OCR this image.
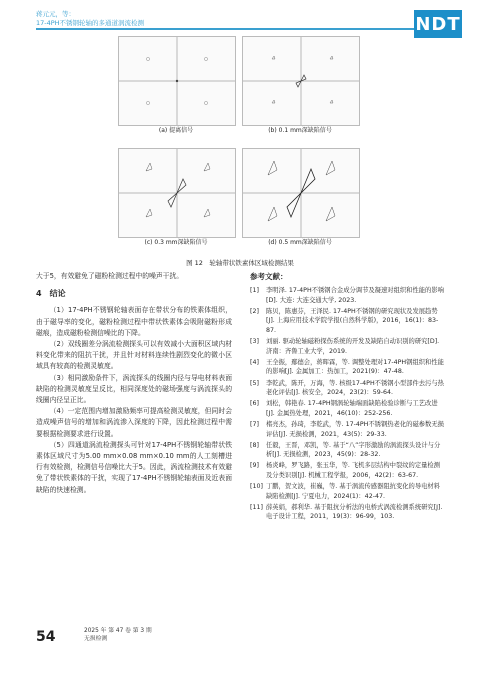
蒋元元，等：
17-4PH不锈钢轮轴的多通道涡流检测	NDT
(a) 提离信号	(b) 0.1 mm深缺陷信号
(c) 0.3 mm深缺陷信号	(d) 0.5 mm深缺陷信号
图 12　轮轴带状铁素体区域检测结果

大于5，有效避免了磁粉检测过程中的噪声干扰。

4　结论

（1）17-4PH不锈钢轮轴表面存在带状分布的铁素体组织，由于磁导率的变化，磁粉检测过程中带状铁素体会吸附磁粉形成磁痕，造成磁粉检测信噪比的下降。

（2）双线圈差分涡流检测探头可以有效减小大面积区域内材料变化带来的阻抗干扰，并且针对材料连续性剧烈变化的微小区域具有较高的检测灵敏度。

（3）相同激励条件下，涡流探头的线圈内径与导电材料表面缺陷的检测灵敏度呈反比，相同深度处的磁场强度与涡流探头的线圈内径呈正比。

（4）一定范围内增加激励频率可提高检测灵敏度，但同时会造成噪声信号的增加和涡流渗入深度的下降，因此检测过程中需要根据检测要求进行设置。

（5）四通道涡流检测探头可针对17-4PH不锈钢轮轴带状铁素体区域尺寸为5.00 mm×0.08 mm×0.10 mm的人工刻槽进行有效检测，检测信号信噪比大于5。因此，涡流检测技术有效避免了带状铁素体的干扰，实现了17-4PH不锈钢轮轴表面及近表面缺陷的快速检测。

参考文献：
[1]	李明泽. 17-4PH不锈钢合金成分调节及凝速对组织和性能的影响[D]. 大连: 大连交通大学, 2023.
[2]	陈贝，陈惠芬，王泽民. 17-4PH不锈钢的研究现状及发展趋势[J]. 上海应用技术学院学报(自然科学版)，2016，16(1)：83-87.
[3]	刘丽. 驱动轮轴磁粉探伤系统的开发及缺陷自动识别的研究[D]. 济南：齐鲁工业大学，2019.
[4]	王全振，鄢德会，蒋晖霖，等. 调整处理对17-4PH钢组织和性能的影响[J]. 金属加工：热加工，2021(9)：47-48.
[5]	李乾武，陈开，万海，等. 核级17-4PH不锈钢小型部件去污与热老化评估[J]. 核安全，2024，23(2)：59-64.
[6]	刘松，韩艳春. 17-4PH钢涡轮轴端面缺陷检验诊断与工艺改进[J]. 金属热处理，2021，46(10)：252-256.
[7]	楮亮杰，孙琦，李乾武，等. 17-4PH不锈钢热老化的磁参数无损评估[J]. 无损检测，2021，43(5)：29-33.
[8]	任毅，王晋，邓凯，等. 基于“八”字形激励的涡流探头设计与分析[J]. 无损检测，2023，45(9)：28-32.
[9]	杨炎峰，罗飞路，张玉华，等. 飞机多层结构中裂纹的定量检测及分类识别[J]. 机械工程学报，2006，42(2)：63-67.
[10] 丁鹏，贺文波，崔巍，等. 基于涡流传感器阻抗变化的导电材料缺陷检测[J]. 宁夏电力，2024(1)：42-47.
[11] 薛英娟，郝利华. 基于阻抗分析法的电桥式涡流检测系统研究[J]. 电子设计工程，2011，19(3)：96-99，103.
54	2025 年 第 47 卷 第 3 期
无损检测
